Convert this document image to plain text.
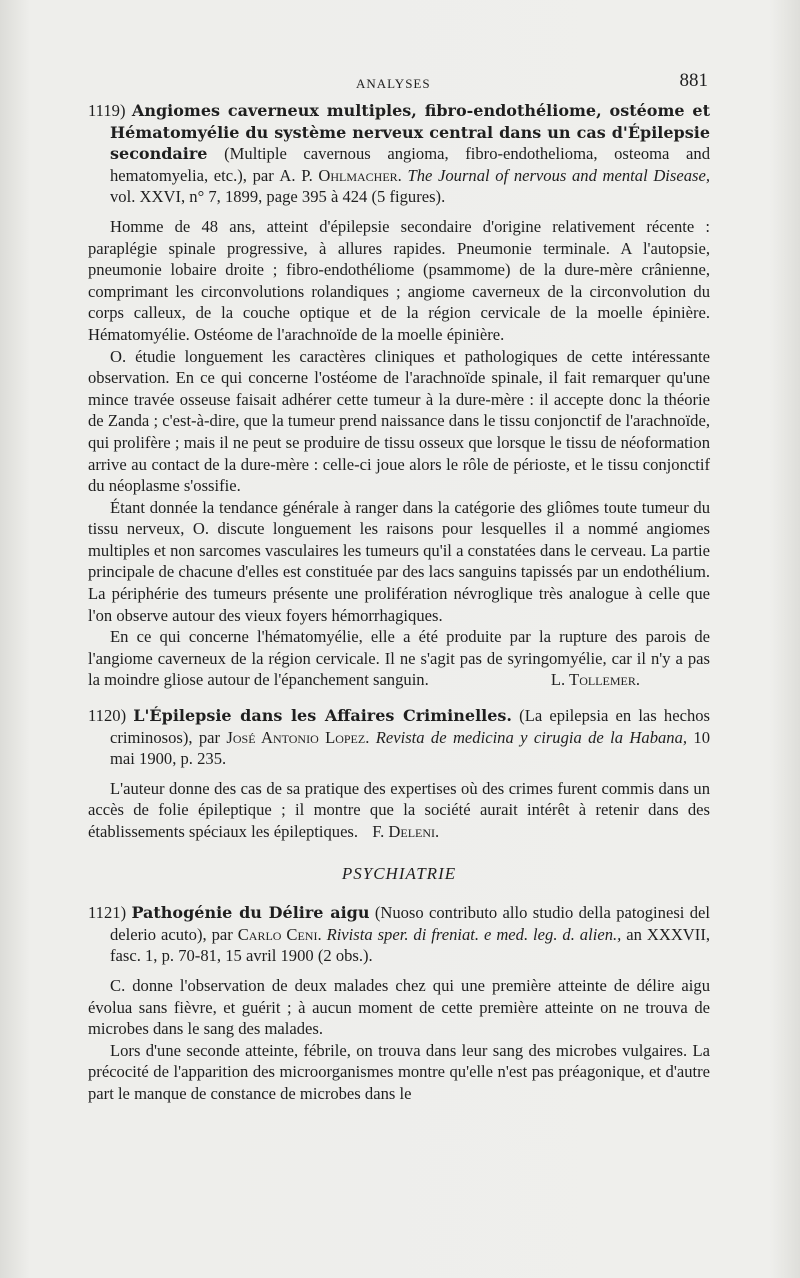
ANALYSES	881

1119) Angiomes caverneux multiples, fibro-endothéliome, ostéome et Hématomyélie du système nerveux central dans un cas d'Épilepsie secondaire (Multiple cavernous angioma, fibro-endothelioma, osteoma and hematomyelia, etc.), par A. P. Ohlmacher. The Journal of nervous and mental Disease, vol. XXVI, n° 7, 1899, page 395 à 424 (5 figures).

Homme de 48 ans, atteint d'épilepsie secondaire d'origine relativement récente : paraplégie spinale progressive, à allures rapides. Pneumonie terminale. A l'autopsie, pneumonie lobaire droite ; fibro-endothéliome (psammome) de la dure-mère crânienne, comprimant les circonvolutions rolandiques ; angiome caverneux de la circonvolution du corps calleux, de la couche optique et de la région cervicale de la moelle épinière. Hématomyélie. Ostéome de l'arachnoïde de la moelle épinière.

O. étudie longuement les caractères cliniques et pathologiques de cette intéressante observation. En ce qui concerne l'ostéome de l'arachnoïde spinale, il fait remarquer qu'une mince travée osseuse faisait adhérer cette tumeur à la dure-mère : il accepte donc la théorie de Zanda ; c'est-à-dire, que la tumeur prend naissance dans le tissu conjonctif de l'arachnoïde, qui prolifère ; mais il ne peut se produire de tissu osseux que lorsque le tissu de néoformation arrive au contact de la dure-mère : celle-ci joue alors le rôle de périoste, et le tissu conjonctif du néoplasme s'ossifie.

Étant donnée la tendance générale à ranger dans la catégorie des gliômes toute tumeur du tissu nerveux, O. discute longuement les raisons pour lesquelles il a nommé angiomes multiples et non sarcomes vasculaires les tumeurs qu'il a constatées dans le cerveau. La partie principale de chacune d'elles est constituée par des lacs sanguins tapissés par un endothélium. La périphérie des tumeurs présente une prolifération névroglique très analogue à celle que l'on observe autour des vieux foyers hémorrhagiques.

En ce qui concerne l'hématomyélie, elle a été produite par la rupture des parois de l'angiome caverneux de la région cervicale. Il ne s'agit pas de syringomyélie, car il n'y a pas la moindre gliose autour de l'épanchement sanguin.	L. Tollemer.

1120) L'Épilepsie dans les Affaires Criminelles. (La epilepsia en las hechos criminosos), par José Antonio Lopez. Revista de medicina y cirugia de la Habana, 10 mai 1900, p. 235.

L'auteur donne des cas de sa pratique des expertises où des crimes furent commis dans un accès de folie épileptique ; il montre que la société aurait intérêt à retenir dans des établissements spéciaux les épileptiques. F. Deleni.

PSYCHIATRIE

1121) Pathogénie du Délire aigu (Nuoso contributo allo studio della patoginesi del delerio acuto), par Carlo Ceni. Rivista sper. di freniat. e med. leg. d. alien., an XXXVII, fasc. 1, p. 70-81, 15 avril 1900 (2 obs.).

C. donne l'observation de deux malades chez qui une première atteinte de délire aigu évolua sans fièvre, et guérit ; à aucun moment de cette première atteinte on ne trouva de microbes dans le sang des malades.

Lors d'une seconde atteinte, fébrile, on trouva dans leur sang des microbes vulgaires. La précocité de l'apparition des microorganismes montre qu'elle n'est pas préagonique, et d'autre part le manque de constance de microbes dans le
